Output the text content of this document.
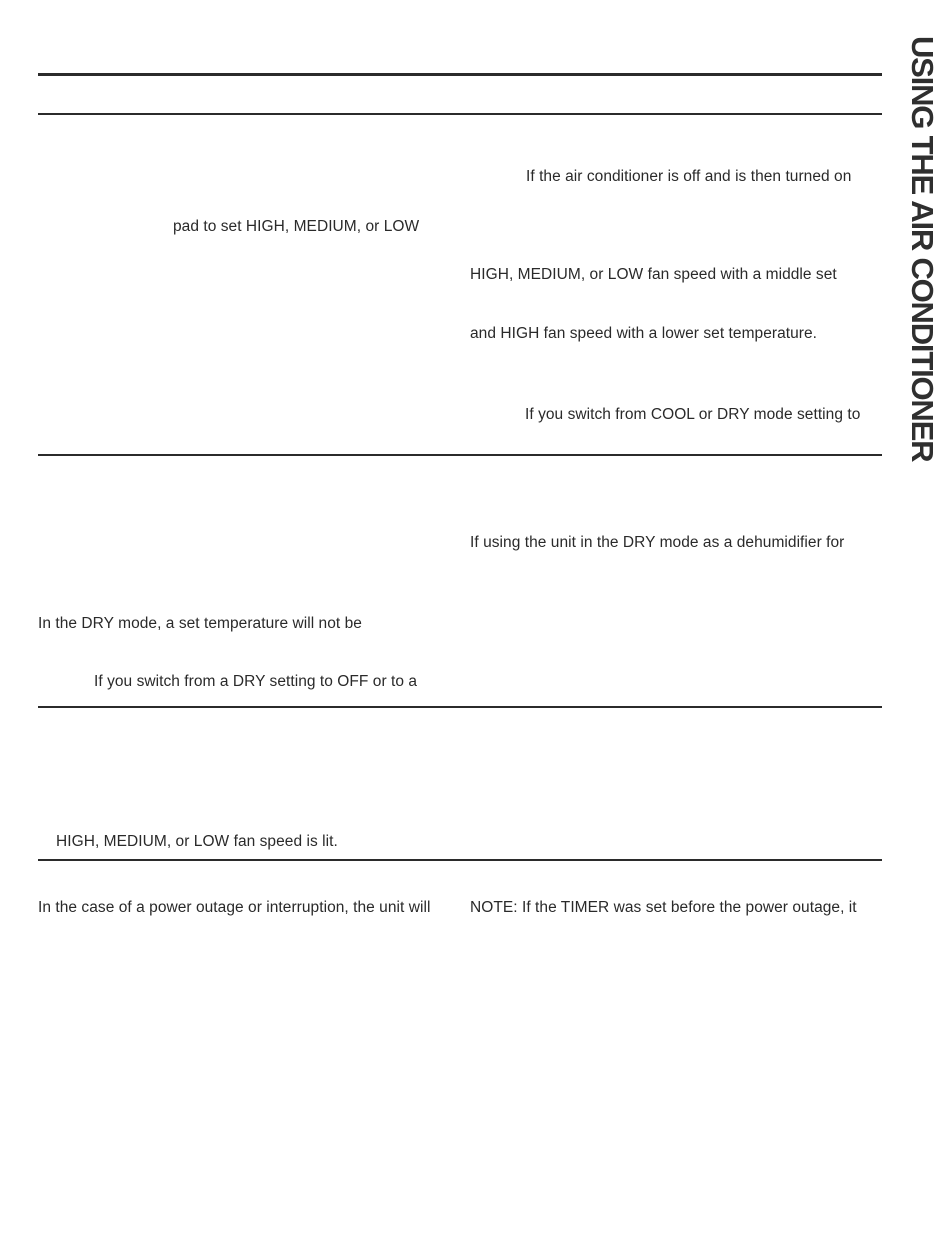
USING THE AIR CONDITIONER
If the air conditioner is off and is then turned on
pad to set HIGH, MEDIUM, or LOW
HIGH, MEDIUM, or LOW fan speed with a middle set
and HIGH fan speed with a lower set temperature.
If you switch from COOL or DRY mode setting to
If using the unit in the DRY mode as a dehumidifier for
In the DRY mode, a set temperature will not be
If you switch from a DRY setting to OFF or to a
HIGH, MEDIUM, or LOW fan speed is lit.
In the case of a power outage or interruption, the unit will	NOTE: If the TIMER was set before the power outage, it
